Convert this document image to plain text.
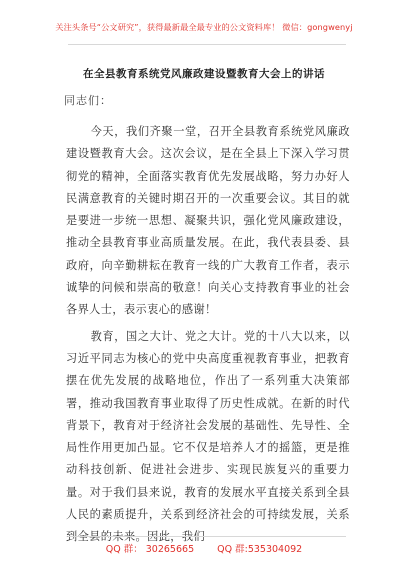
关注头条号“公文研究”，获得最新最全最专业的公文资料库！ 微信：gongwenyj
在全县教育系统党风廉政建设暨教育大会上的讲话
同志们：

今天，我们齐聚一堂，召开全县教育系统党风廉政建设暨教育大会。这次会议，是在全县上下深入学习贯彻党的精神，全面落实教育优先发展战略，努力办好人民满意教育的关键时期召开的一次重要会议。其目的就是要进一步统一思想、凝聚共识，强化党风廉政建设，推动全县教育事业高质量发展。在此，我代表县委、县政府，向辛勤耕耘在教育一线的广大教育工作者，表示诚挚的问候和崇高的敬意！向关心支持教育事业的社会各界人士，表示衷心的感谢！

教育，国之大计、党之大计。党的十八大以来，以习近平同志为核心的党中央高度重视教育事业，把教育摆在优先发展的战略地位，作出了一系列重大决策部署，推动我国教育事业取得了历史性成就。在新的时代背景下，教育对于经济社会发展的基础性、先导性、全局性作用更加凸显。它不仅是培养人才的摇篮，更是推动科技创新、促进社会进步、实现民族复兴的重要力量。对于我们县来说，教育的发展水平直接关系到全县人民的素质提升，关系到经济社会的可持续发展，关系到全县的未来。因此，我们

QQ 群： 30265665 QQ 群:535304092
